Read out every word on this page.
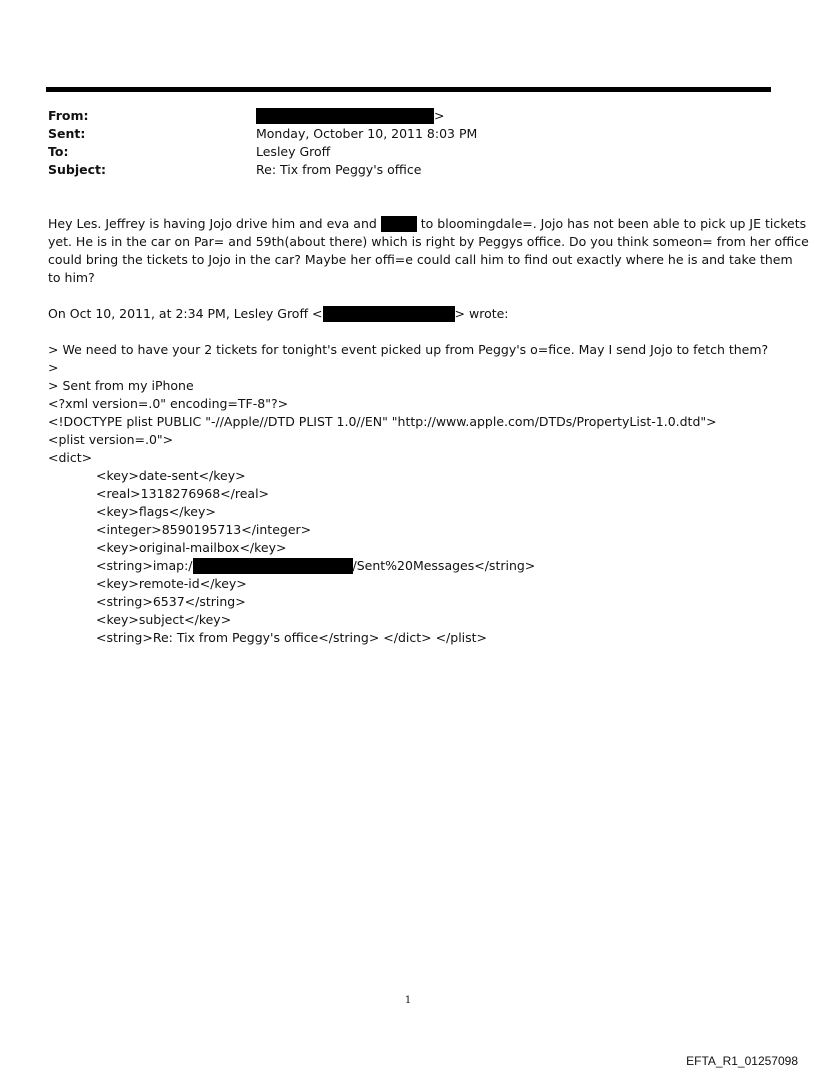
From:	>
Sent:	Monday, October 10, 2011 8:03 PM
To:	Lesley Groff
Subject:	Re: Tix from Peggy's office
Hey Les. Jeffrey is having Jojo drive him and eva and	to bloomingdale=. Jojo has not been able to pick up JE tickets
yet. He is in the car on Par= and 59th(about there) which is right by Peggys office. Do you think someon= from her office
could bring the tickets to Jojo in the car? Maybe her offi=e could call him to find out exactly where he is and take them
to him?
On Oct 10, 2011, at 2:34 PM, Lesley Groff <	> wrote:
> We need to have your 2 tickets for tonight's event picked up from Peggy's o=fice. May I send Jojo to fetch them?
>
> Sent from my iPhone
<?xml version=.0" encoding=TF-8"?>
<!DOCTYPE plist PUBLIC "-//Apple//DTD PLIST 1.0//EN" "http://www.apple.com/DTDs/PropertyList-1.0.dtd">
<plist version=.0">
<dict>
<key>date-sent</key>
<real>1318276968</real>
<key>flags</key>
<integer>8590195713</integer>
<key>original-mailbox</key>
<string>imap:/	/Sent%20Messages</string>
<key>remote-id</key>
<string>6537</string>
<key>subject</key>
<string>Re: Tix from Peggy's office</string> </dict> </plist>
1
EFTA_R1_01257098
